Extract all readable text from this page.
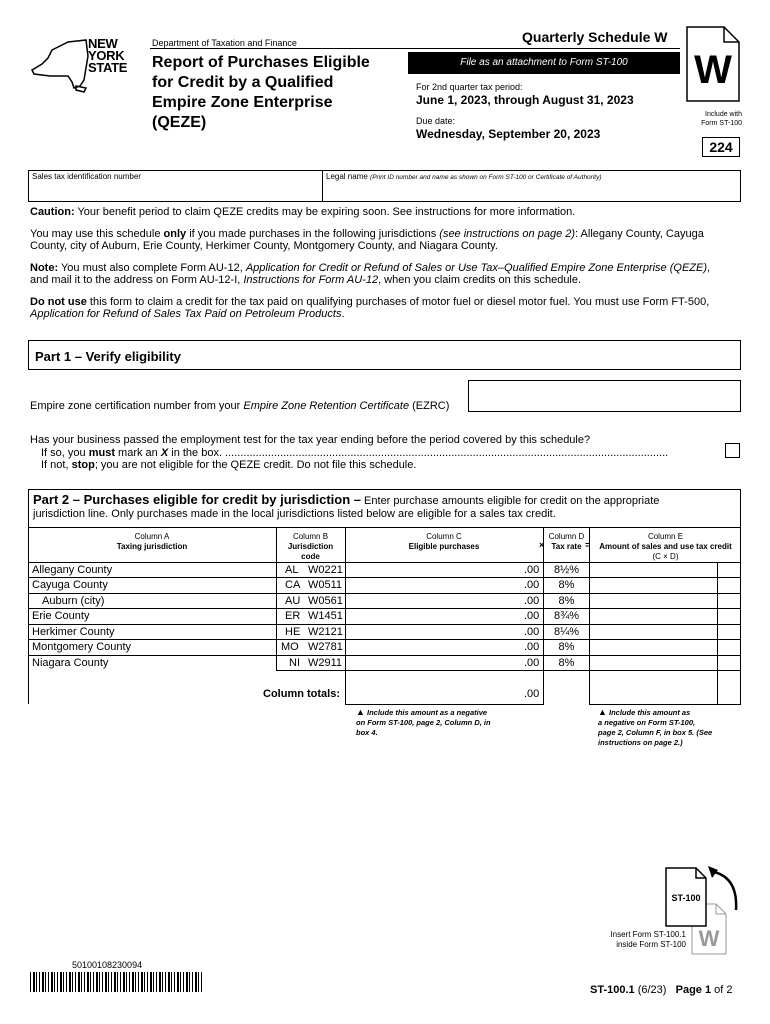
NEW
YORK
STATE
Department of Taxation and Finance	Quarterly Schedule W
Report of Purchases Eligible
for Credit by a Qualified
Empire Zone Enterprise
(QEZE)
File as an attachment to Form ST-100
For 2nd quarter tax period:
June 1, 2023, through August 31, 2023
Due date:
Wednesday, September 20, 2023
W
Include with
Form ST-100
224
Sales tax identification number	Legal name (Print ID number and name as shown on Form ST-100 or Certificate of Authority)
Caution: Your benefit period to claim QEZE credits may be expiring soon. See instructions for more information.
You may use this schedule only if you made purchases in the following jurisdictions (see instructions on page 2): Allegany County, Cayuga
County, city of Auburn, Erie County, Herkimer County, Montgomery County, and Niagara County.
Note: You must also complete Form AU-12, Application for Credit or Refund of Sales or Use Tax–Qualified Empire Zone Enterprise (QEZE),
and mail it to the address on Form AU-12-I, Instructions for Form AU-12, when you claim credits on this schedule.
Do not use this form to claim a credit for the tax paid on qualifying purchases of motor fuel or diesel motor fuel. You must use Form FT-500,
Application for Refund of Sales Tax Paid on Petroleum Products.
Part 1 – Verify eligibility
Empire zone certification number from your Empire Zone Retention Certificate (EZRC)
Has your business passed the employment test for the tax year ending before the period covered by this schedule?
If so, you must mark an X in the box. .................................................................................................................................................
If not, stop; you are not eligible for the QEZE credit. Do not file this schedule.
Part 2 – Purchases eligible for credit by jurisdiction – Enter purchase amounts eligible for credit on the appropriate
jurisdiction line. Only purchases made in the local jurisdictions listed below are eligible for a sales tax credit.
Column A
Taxing jurisdiction
Column B
Jurisdiction
code
Column C
Eligible purchases	×
Column D
Tax rate =
Column E
Amount of sales and use tax credit
(C × D)
Allegany County	AL W0221	.00	8½%
Cayuga County	CA W0511	.00	8%
Auburn (city)	AU W0561	.00	8%
Erie County	ER W1451	.00	8¾%
Herkimer County	HE W2121	.00	8¼%
Montgomery County	MO W2781	.00	8%
Niagara County	NI W2911	.00	8%
Column totals:	.00
▲ Include this amount as a negative
on Form ST-100, page 2, Column D, in
box 4.
▲ Include this amount as
a negative on Form ST-100,
page 2, Column F, in box 5. (See
instructions on page 2.)
ST-100
W
Insert Form ST-100.1
inside Form ST-100
50100108230094
ST-100.1 (6/23) Page 1 of 2
